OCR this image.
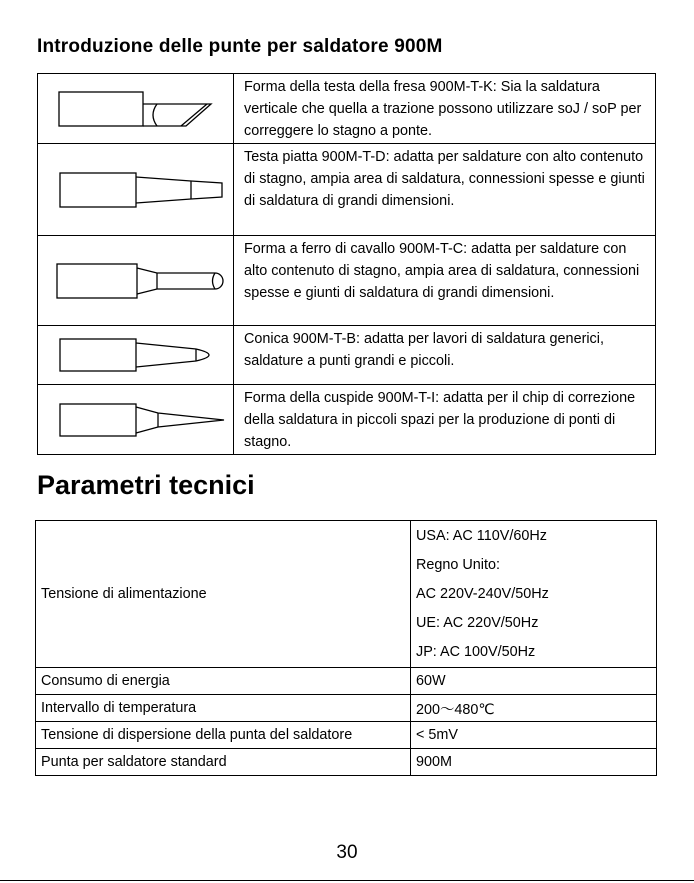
Introduzione delle punte per saldatore 900M
	Forma della testa della fresa 900M-T-K: Sia la saldatura verticale che quella a trazione possono utilizzare soJ / soP per correggere lo stagno a ponte.

	Testa piatta 900M-T-D: adatta per saldature con alto contenuto di stagno, ampia area di saldatura, connessioni spesse e giunti di saldatura di grandi dimensioni.

	Forma a ferro di cavallo 900M-T-C: adatta per saldature con alto contenuto di stagno, ampia area di saldatura, connessioni spesse e giunti di saldatura di grandi dimensioni.

	Conica 900M-T-B: adatta per lavori di saldatura generici, saldature a punti grandi e piccoli.

	Forma della cuspide 900M-T-I: adatta per il chip di correzione della saldatura in piccoli spazi per la produzione di ponti di stagno.
Parametri tecnici
Tensione di alimentazione	USA: AC 110V/60Hz
Regno Unito:
AC 220V-240V/50Hz
UE: AC 220V/50Hz
JP: AC 100V/50Hz

Consumo di energia	60W
Intervallo di temperatura	200～480℃
Tensione di dispersione della punta del saldatore	< 5mV
Punta per saldatore standard	900M
30
